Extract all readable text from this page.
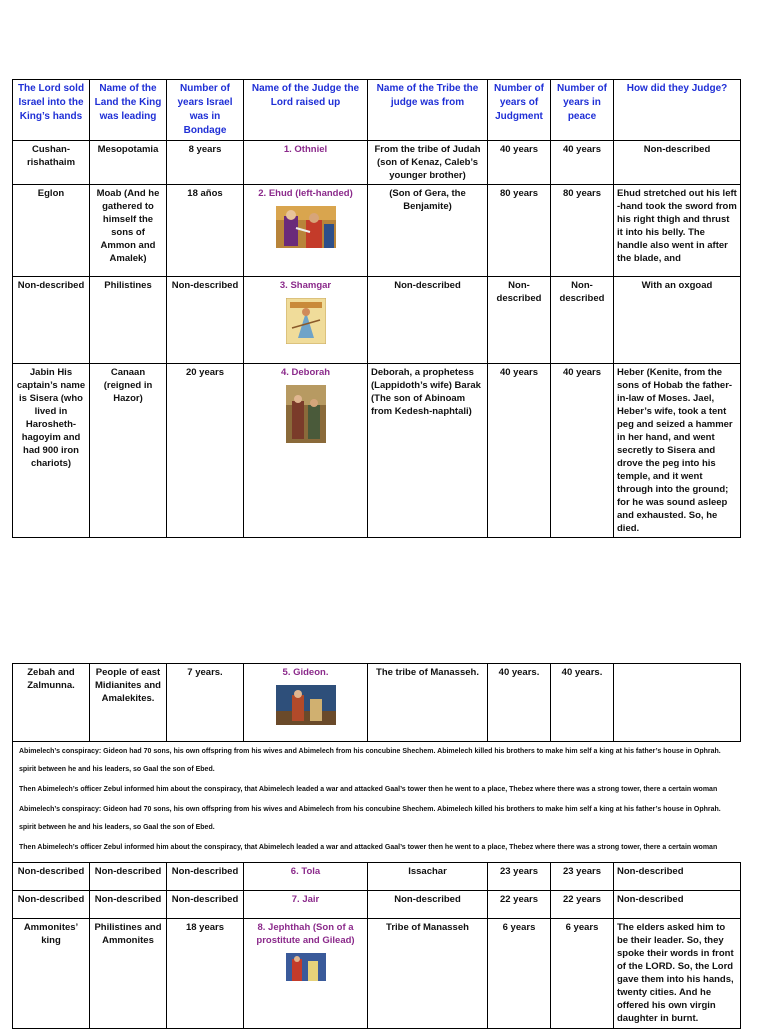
The Lord sold Israel into the King’s hands	Name of the Land the King was leading	Number of years Israel was in Bondage	Name of the Judge the Lord raised up	Name of the Tribe the judge was from	Number of years of Judgment	Number of years in peace	How did they Judge?
Cushan-rishathaim	Mesopotamia	8 years	1. Othniel	From the tribe of Judah (son of Kenaz, Caleb’s younger brother)	40 years	40 years	Non-described
Eglon	Moab (And he gathered to himself the sons of Ammon and Amalek)	18 años	2. Ehud (left-handed)	(Son of Gera, the Benjamite)	80 years	80 years	Ehud stretched out his left -hand took the sword from his right thigh and thrust it into his belly. The handle also went in after the blade, and
Non-described	Philistines	Non-described	3. Shamgar	Non-described	Non-described	Non-described	With an oxgoad
Jabin His captain’s name is Sisera (who lived in Harosheth-hagoyim and had 900 iron chariots)	Canaan (reigned in Hazor)	20 years	4. Deborah	Deborah, a prophetess (Lappidoth’s wife) Barak (The son of Abinoam from Kedesh-naphtali)	40 years	40 years	Heber (Kenite, from the sons of Hobab the father-in-law of Moses. Jael, Heber’s wife, took a tent peg and seized a hammer in her hand, and went secretly to Sisera and drove the peg into his temple, and it went through into the ground; for he was sound asleep and exhausted. So, he died.
Zebah and Zalmunna.	People of east Midianites and Amalekites.	7 years.	5. Gideon.	The tribe of Manasseh.	40 years.	40 years.	
Abimelech’s conspiracy: Gideon had 70 sons, his own offspring from his wives and Abimelech from his concubine Shechem. Abimelech killed his brothers to make him self a king at his father’s house in Ophrah.
spirit between he and his leaders, so Gaal the son of Ebed.
Then Abimelech’s officer Zebul informed him about the conspiracy, that Abimelech leaded a war and attacked Gaal’s tower then he went to a place, Thebez where there was a strong tower, there a certain woman
Abimelech’s conspiracy: Gideon had 70 sons, his own offspring from his wives and Abimelech from his concubine Shechem. Abimelech killed his brothers to make him self a king at his father’s house in Ophrah.
spirit between he and his leaders, so Gaal the son of Ebed.
Then Abimelech’s officer Zebul informed him about the conspiracy, that Abimelech leaded a war and attacked Gaal’s tower then he went to a place, Thebez where there was a strong tower, there a certain woman
Non-described	Non-described	Non-described	6. Tola	Issachar	23 years	23 years	Non-described
Non-described	Non-described	Non-described	7. Jair	Non-described	22 years	22 years	Non-described
Ammonites’ king	Philistines and Ammonites	18 years	8. Jephthah (Son of a prostitute and Gilead)	Tribe of Manasseh	6 years	6 years	The elders asked him to be their leader. So, they spoke their words in front of the LORD. So, the Lord gave them into his hands, twenty cities. And he offered his own virgin daughter in burnt.
